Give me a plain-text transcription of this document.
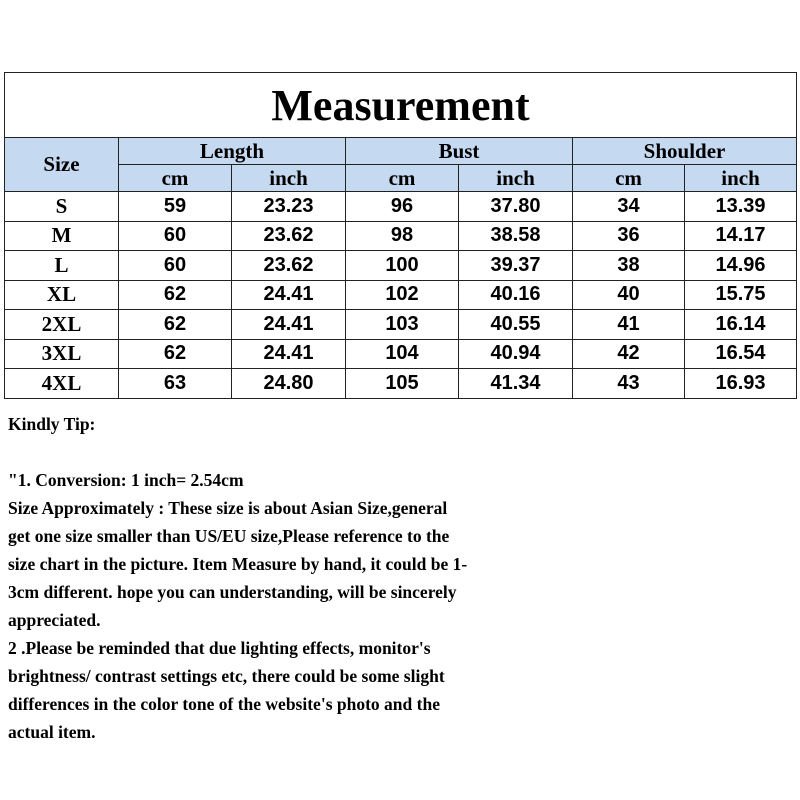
Measurement						
Size	Length		Bust		Shoulder	
	cm	inch	cm	inch	cm	inch
S	59	23.23	96	37.80	34	13.39
M	60	23.62	98	38.58	36	14.17
L	60	23.62	100	39.37	38	14.96
XL	62	24.41	102	40.16	40	15.75
2XL	62	24.41	103	40.55	41	16.14
3XL	62	24.41	104	40.94	42	16.54
4XL	63	24.80	105	41.34	43	16.93

Kindly Tip:

"1. Conversion: 1 inch= 2.54cm

Size Approximately : These size is about Asian Size,general

get one size smaller than US/EU size,Please reference to the

size chart in the picture. Item Measure by hand, it could be 1-

3cm different. hope you can understanding, will be sincerely

appreciated.

2 .Please be reminded that due lighting effects, monitor's

brightness/ contrast settings etc, there could be some slight

differences in the color tone of the website's photo and the

actual item.
